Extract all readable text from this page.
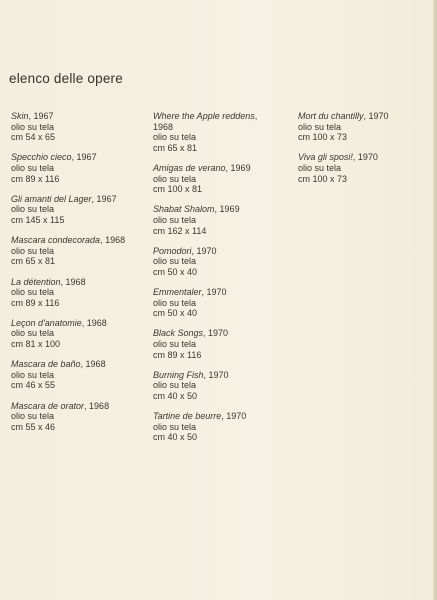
elenco delle opere
Skin, 1967
olio su tela
cm 54 x 65
Specchio cieco, 1967
olio su tela
cm 89 x 116
Gli amanti del Lager, 1967
olio su tela
cm 145 x 115
Mascara condecorada, 1968
olio su tela
cm 65 x 81
La détention, 1968
olio su tela
cm 89 x 116
Leçon d'anatomie, 1968
olio su tela
cm 81 x 100
Mascara de baño, 1968
olio su tela
cm 46 x 55
Mascara de orator, 1968
olio su tela
cm 55 x 46
Where the Apple reddens,
1968
olio su tela
cm 65 x 81
Amigas de verano, 1969
olio su tela
cm 100 x 81
Shabat Shalom, 1969
olio su tela
cm 162 x 114
Pomodori, 1970
olio su tela
cm 50 x 40
Emmentaler, 1970
olio su tela
cm 50 x 40
Black Songs, 1970
olio su tela
cm 89 x 116
Burning Fish, 1970
olio su tela
cm 40 x 50
Tartine de beurre, 1970
olio su tela
cm 40 x 50
Mort du chantilly, 1970
olio su tela
cm 100 x 73
Viva gli sposi!, 1970
olio su tela
cm 100 x 73
